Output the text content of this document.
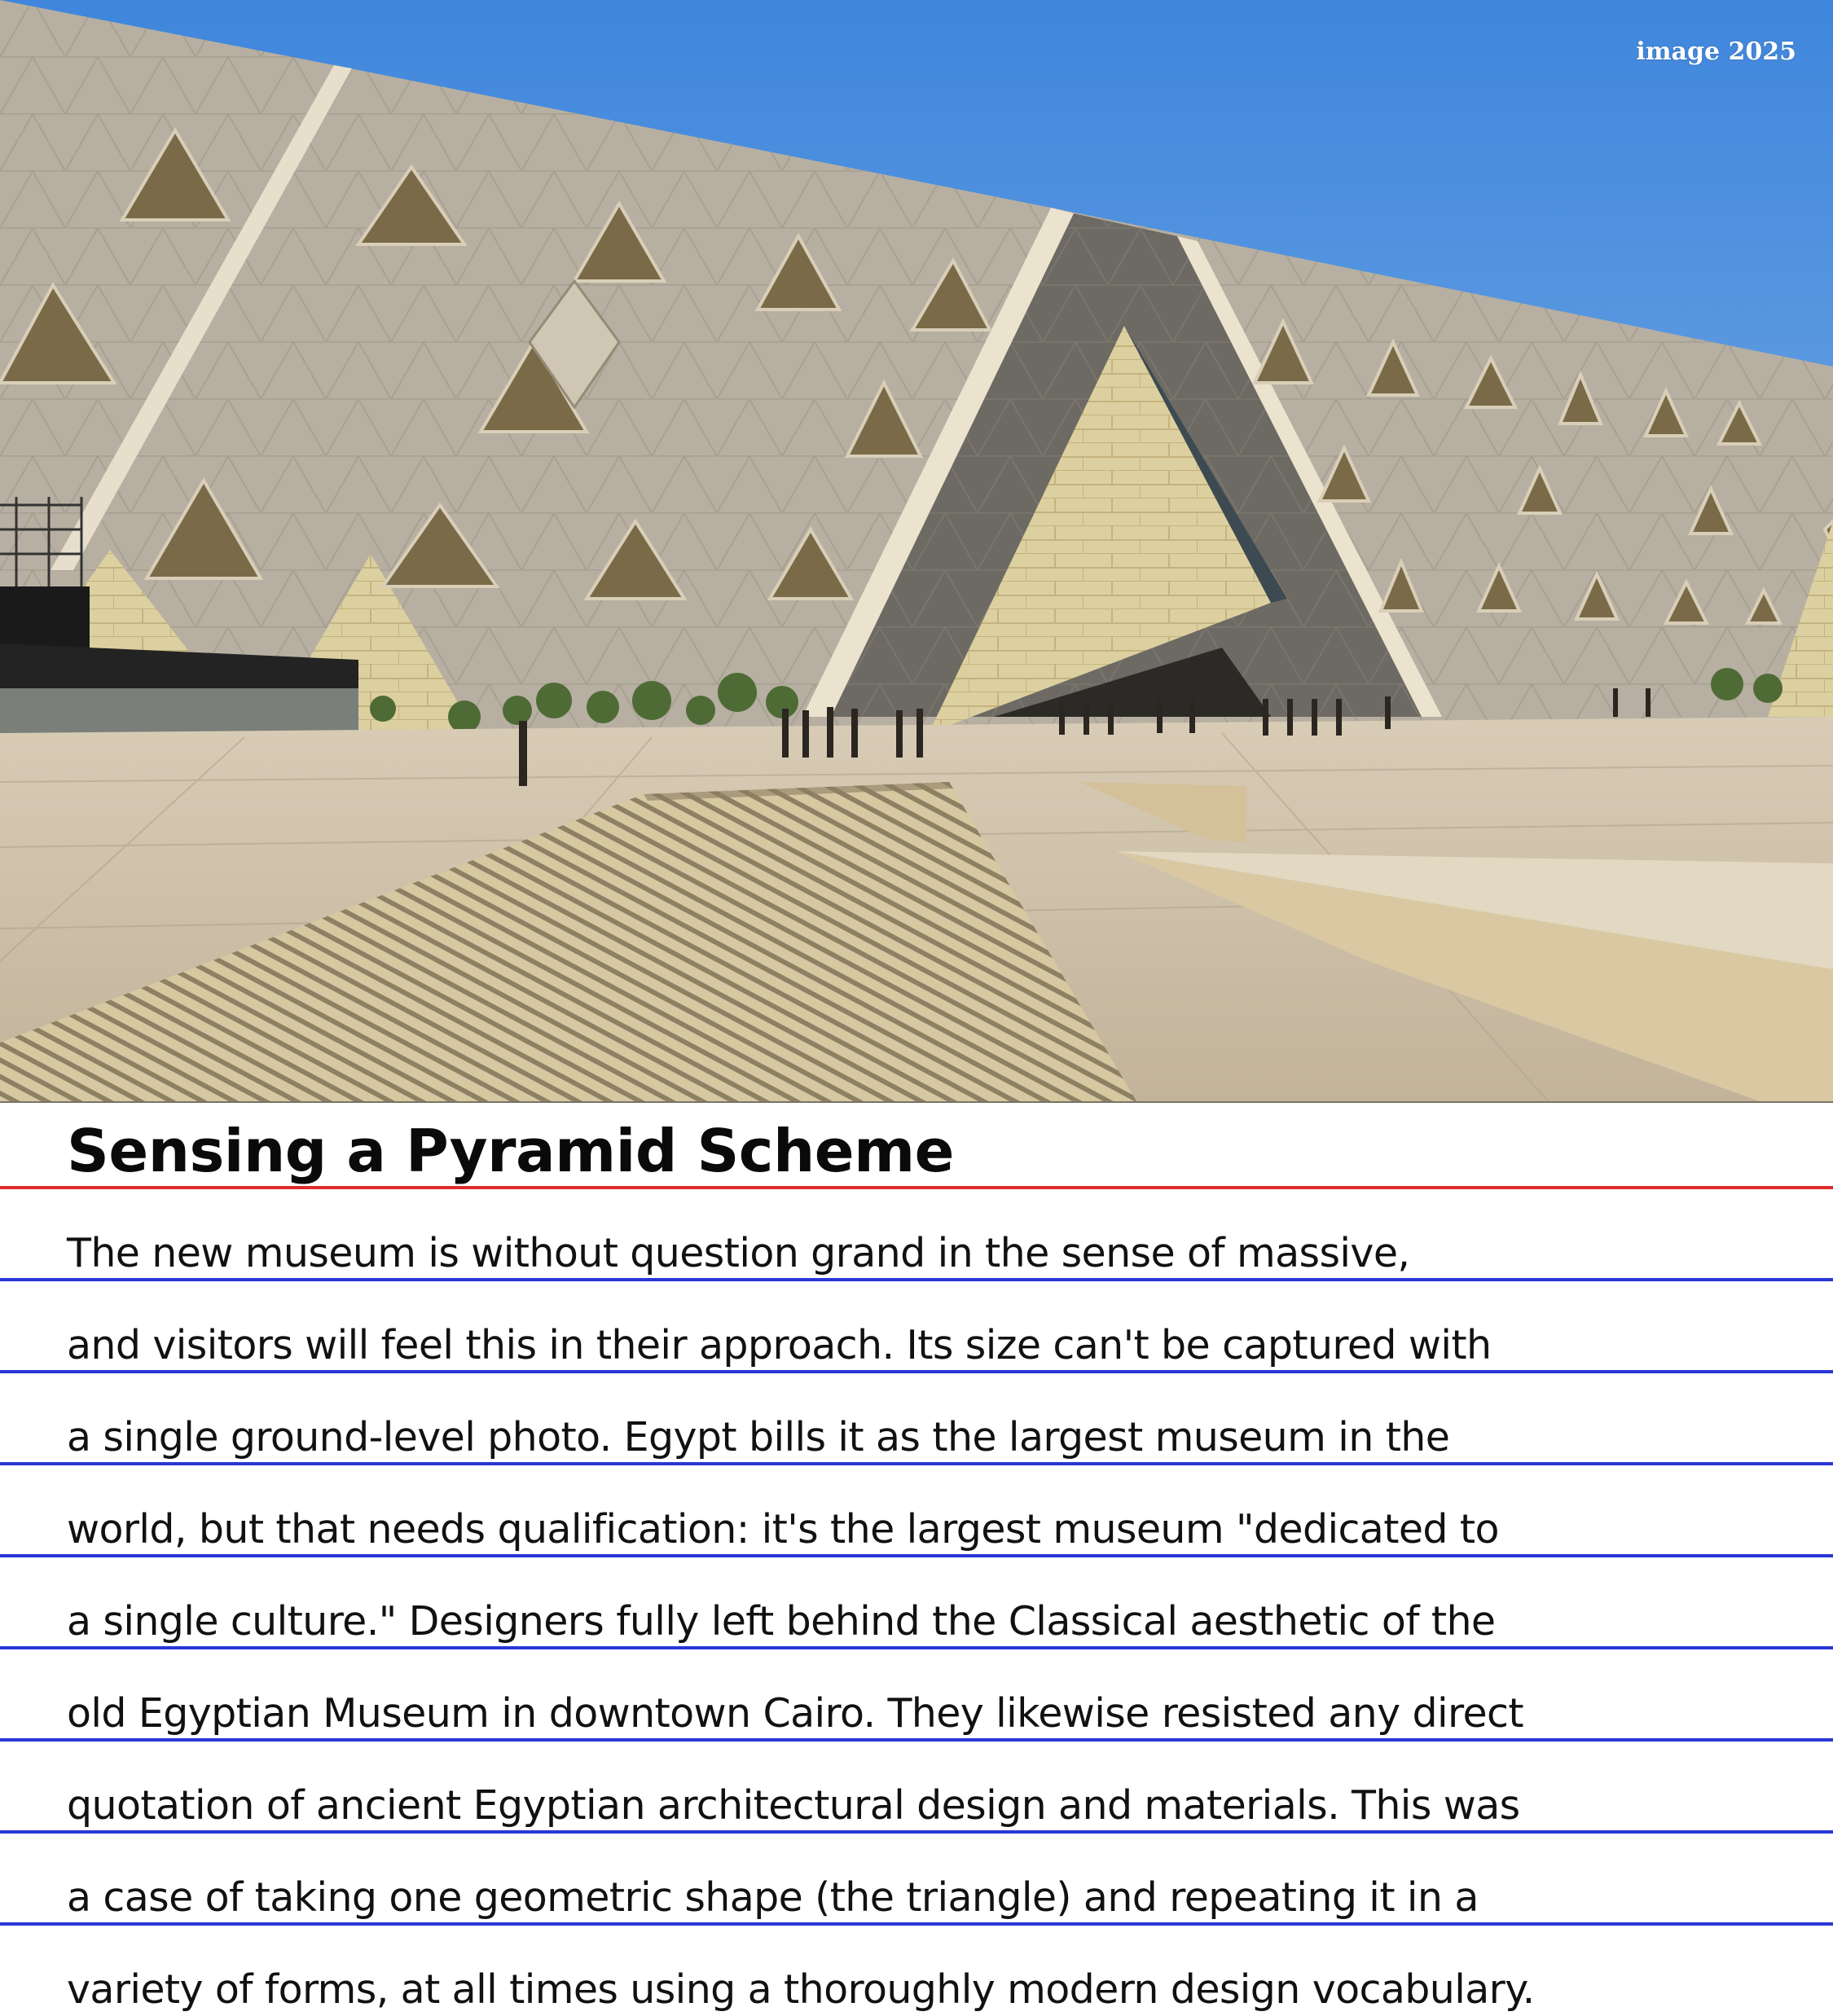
image 2025
Sensing a Pyramid Scheme
The new museum is without question grand in the sense of massive,
and visitors will feel this in their approach. Its size can't be captured with
a single ground-level photo. Egypt bills it as the largest museum in the
world, but that needs qualification: it's the largest museum "dedicated to
a single culture." Designers fully left behind the Classical aesthetic of the
old Egyptian Museum in downtown Cairo. They likewise resisted any direct
quotation of ancient Egyptian architectural design and materials. This was
a case of taking one geometric shape (the triangle) and repeating it in a
variety of forms, at all times using a thoroughly modern design vocabulary.
